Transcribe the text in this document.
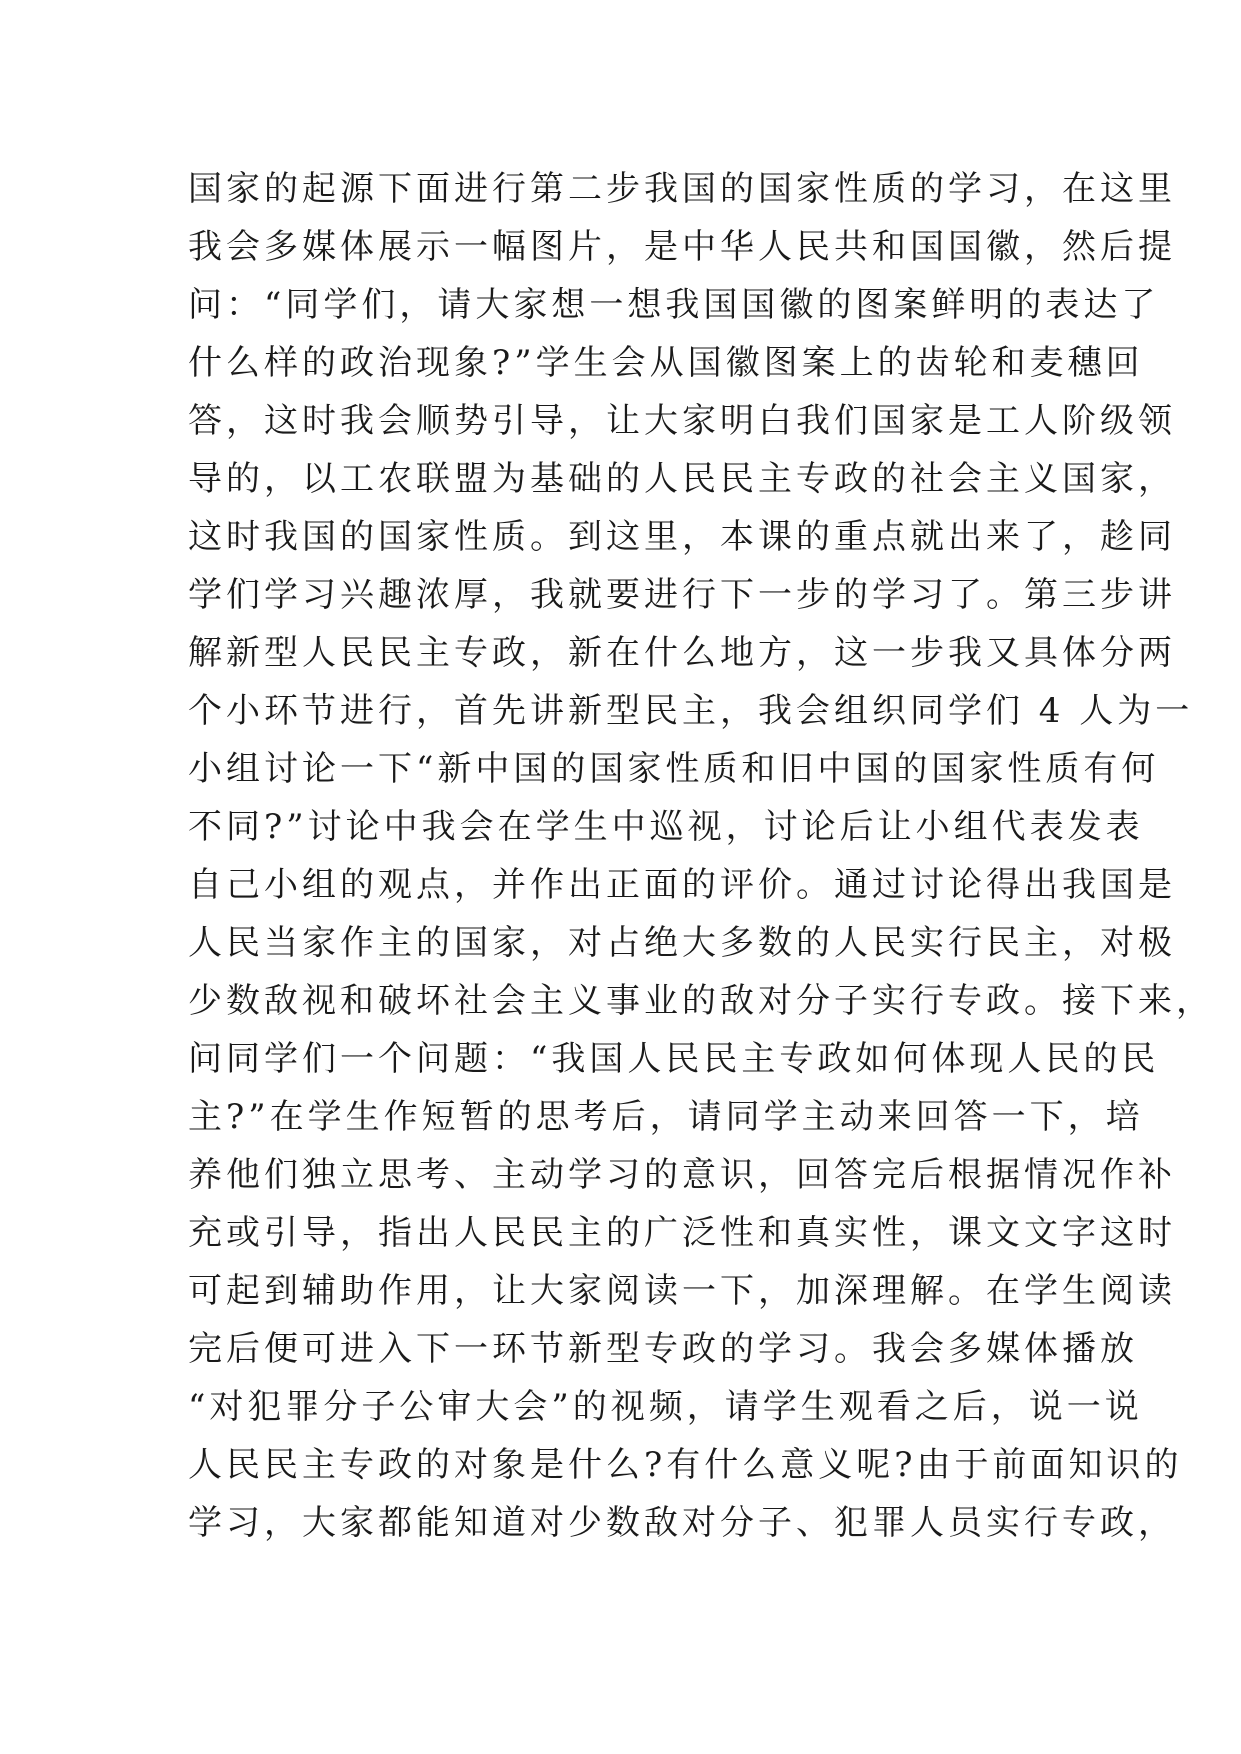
国家的起源下面进行第二步我国的国家性质的学习，在这里
我会多媒体展示一幅图片，是中华人民共和国国徽，然后提
问：“同学们，请大家想一想我国国徽的图案鲜明的表达了
什么样的政治现象?”学生会从国徽图案上的齿轮和麦穗回
答，这时我会顺势引导，让大家明白我们国家是工人阶级领
导的，以工农联盟为基础的人民民主专政的社会主义国家，
这时我国的国家性质。到这里，本课的重点就出来了，趁同
学们学习兴趣浓厚，我就要进行下一步的学习了。第三步讲
解新型人民民主专政，新在什么地方，这一步我又具体分两
个小环节进行，首先讲新型民主，我会组织同学们 4 人为一
小组讨论一下“新中国的国家性质和旧中国的国家性质有何
不同?”讨论中我会在学生中巡视，讨论后让小组代表发表
自己小组的观点，并作出正面的评价。通过讨论得出我国是
人民当家作主的国家，对占绝大多数的人民实行民主，对极
少数敌视和破坏社会主义事业的敌对分子实行专政。接下来，
问同学们一个问题：“我国人民民主专政如何体现人民的民
主?”在学生作短暂的思考后，请同学主动来回答一下，培
养他们独立思考、主动学习的意识，回答完后根据情况作补
充或引导，指出人民民主的广泛性和真实性，课文文字这时
可起到辅助作用，让大家阅读一下，加深理解。在学生阅读
完后便可进入下一环节新型专政的学习。我会多媒体播放
“对犯罪分子公审大会”的视频，请学生观看之后，说一说
人民民主专政的对象是什么?有什么意义呢?由于前面知识的
学习，大家都能知道对少数敌对分子、犯罪人员实行专政，
